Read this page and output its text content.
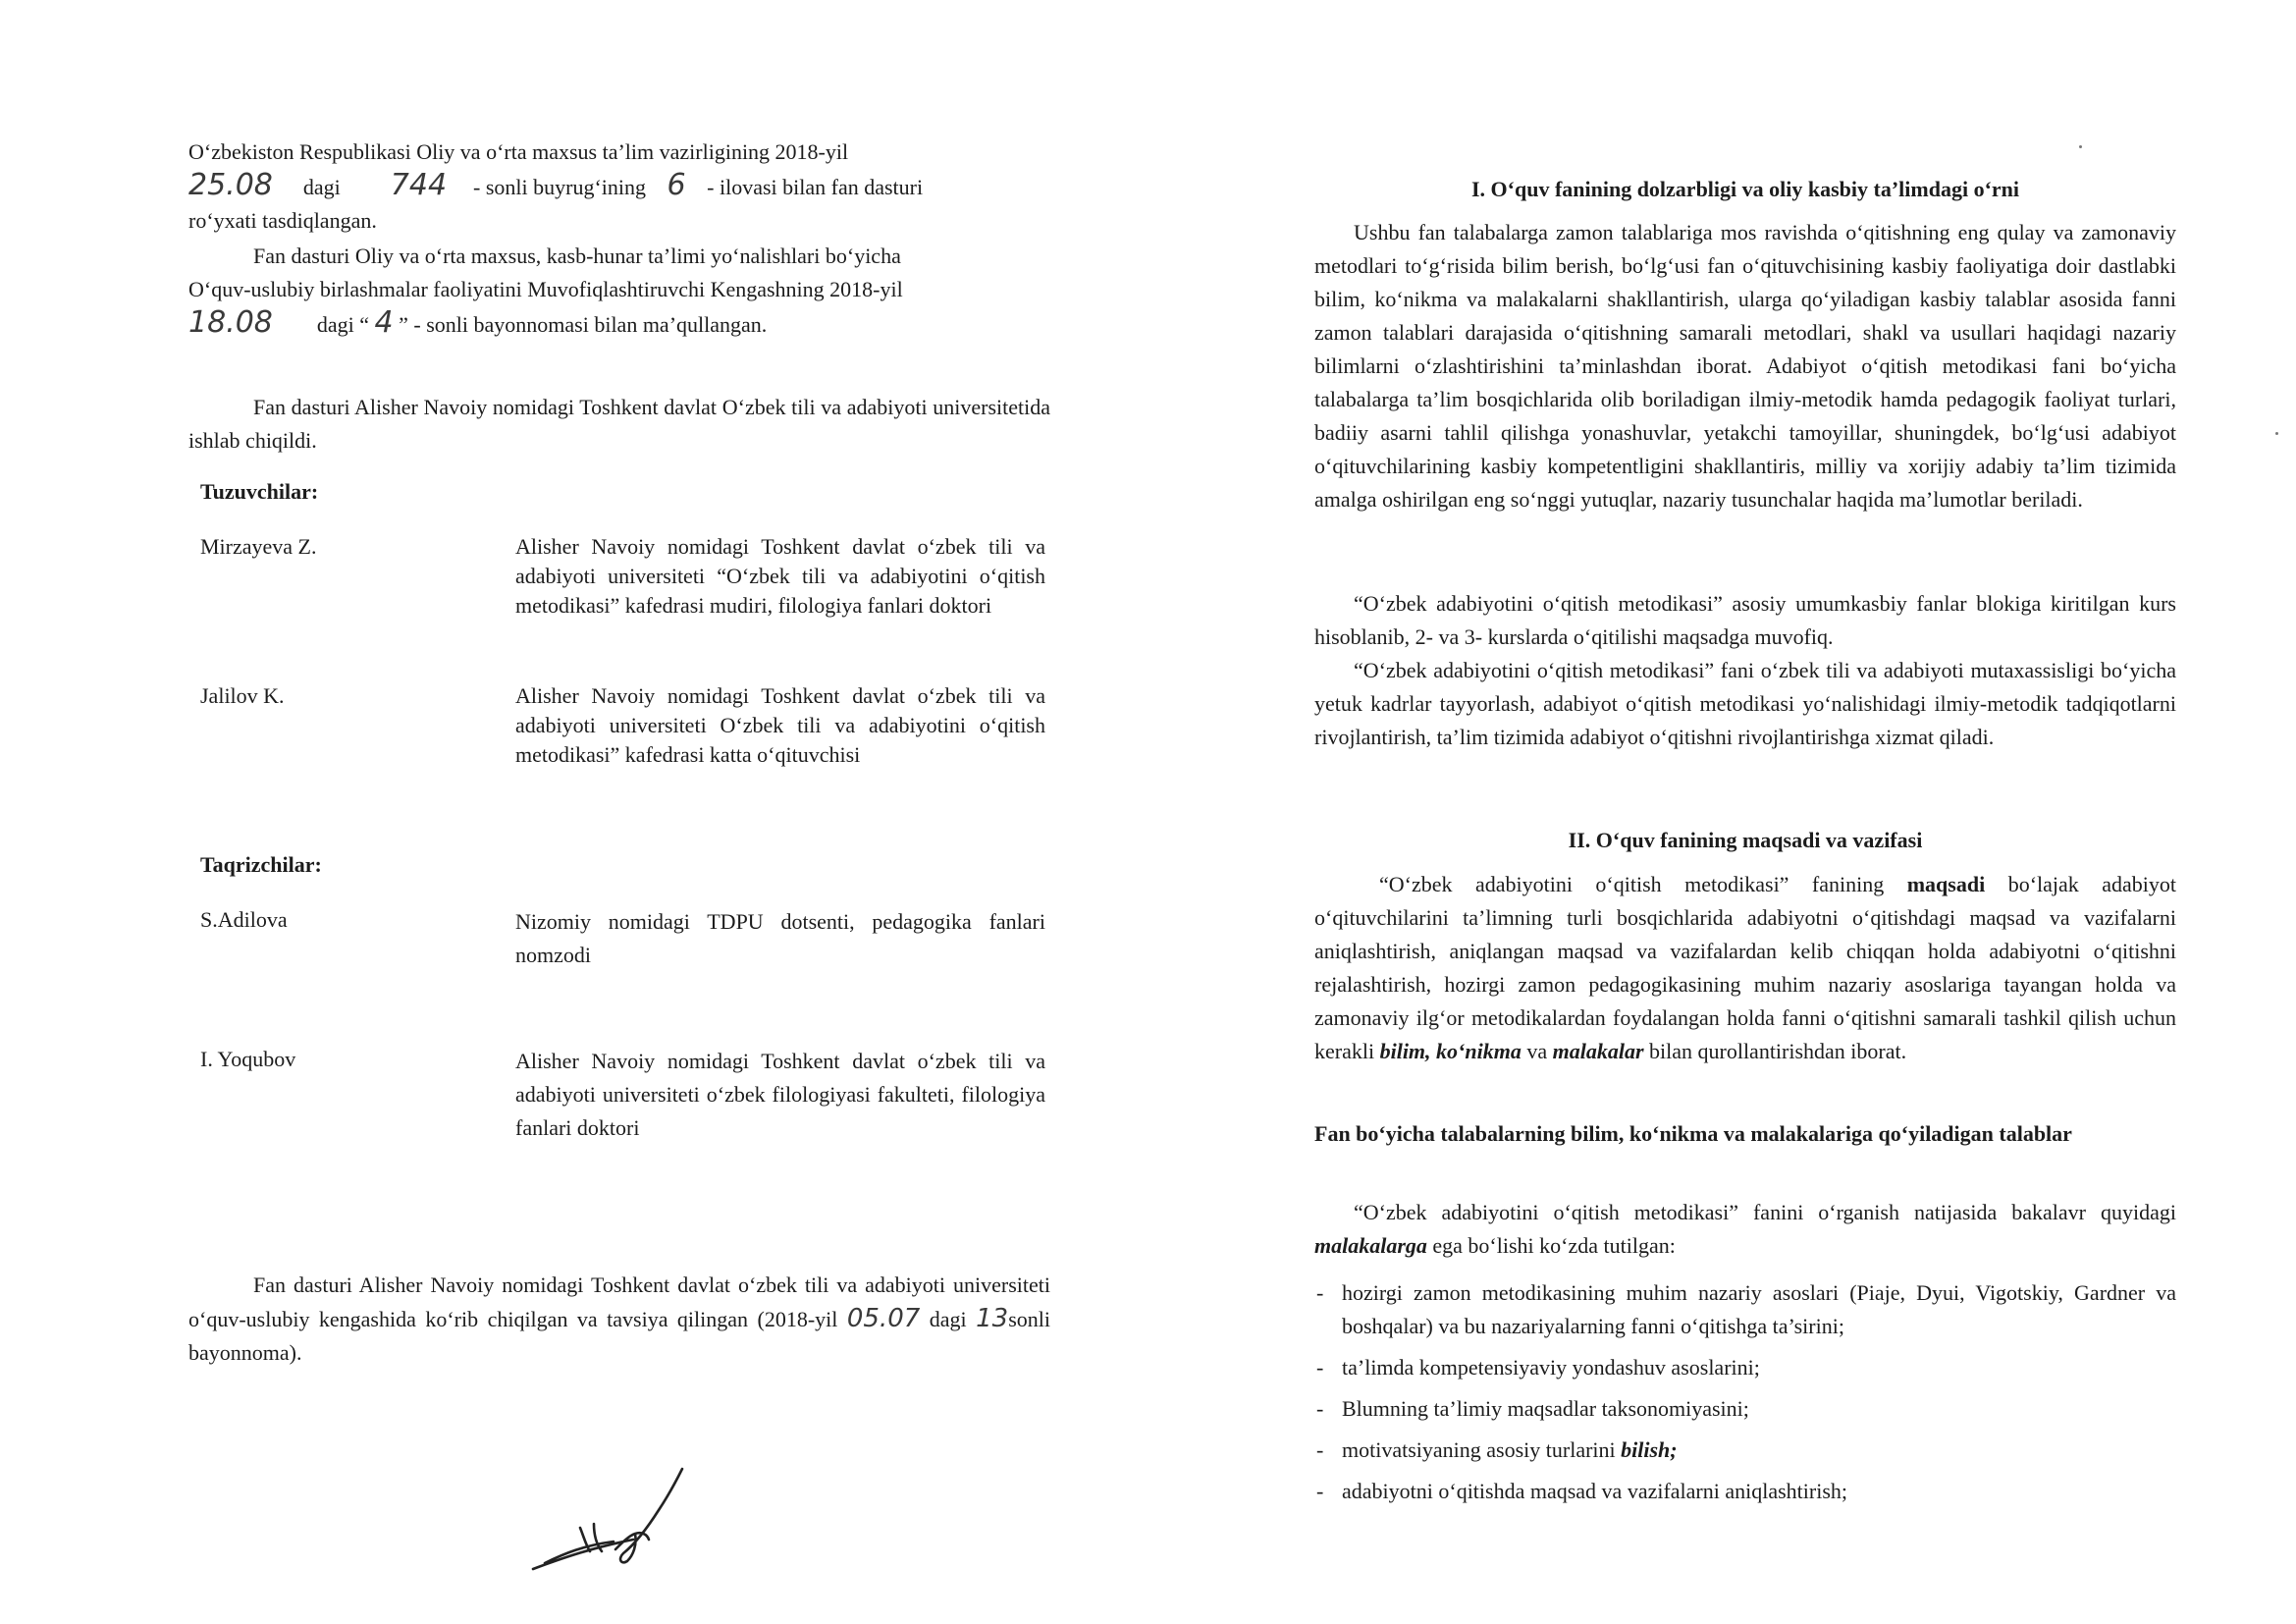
O‘zbekiston Respublikasi Oliy va o‘rta maxsus ta’lim vazirligining 2018-yil
25.08 dagi 744 - sonli buyrug‘ining 6 - ilovasi bilan fan dasturi
ro‘yxati tasdiqlangan.

Fan dasturi Oliy va o‘rta maxsus, kasb-hunar ta’limi yo‘nalishlari bo‘yicha
O‘quv-uslubiy birlashmalar faoliyatini Muvofiqlashtiruvchi Kengashning 2018-yil
18.08 dagi “ 4 ” - sonli bayonnomasi bilan ma’qullangan.

Fan dasturi Alisher Navoiy nomidagi Toshkent davlat O‘zbek tili va adabiyoti universitetida ishlab chiqildi.

Tuzuvchilar:
Mirzayeva Z.	Alisher Navoiy nomidagi Toshkent davlat o‘zbek tili va adabiyoti universiteti “O‘zbek tili va adabiyotini o‘qitish metodikasi” kafedrasi mudiri, filologiya fanlari doktori
Jalilov K.	Alisher Navoiy nomidagi Toshkent davlat o‘zbek tili va adabiyoti universiteti O‘zbek tili va adabiyotini o‘qitish metodikasi” kafedrasi katta o‘qituvchisi
Taqrizchilar:
S.Adilova	Nizomiy nomidagi TDPU dotsenti, pedagogika fanlari nomzodi
I. Yoqubov	Alisher Navoiy nomidagi Toshkent davlat o‘zbek tili va adabiyoti universiteti o‘zbek filologiyasi fakulteti, filologiya fanlari doktori

Fan dasturi Alisher Navoiy nomidagi Toshkent davlat o‘zbek tili va adabiyoti universiteti o‘quv-uslubiy kengashida ko‘rib chiqilgan va tavsiya qilingan (2018-yil 05.07 dagi 13sonli bayonnoma).

I. O‘quv fanining dolzarbligi va oliy kasbiy ta’limdagi o‘rni

Ushbu fan talabalarga zamon talablariga mos ravishda o‘qitishning eng qulay va zamonaviy metodlari to‘g‘risida bilim berish, bo‘lg‘usi fan o‘qituvchisining kasbiy faoliyatiga doir dastlabki bilim, ko‘nikma va malakalarni shakllantirish, ularga qo‘yiladigan kasbiy talablar asosida fanni zamon talablari darajasida o‘qitishning samarali metodlari, shakl va usullari haqidagi nazariy bilimlarni o‘zlashtirishini ta’minlashdan iborat. Adabiyot o‘qitish metodikasi fani bo‘yicha talabalarga ta’lim bosqichlarida olib boriladigan ilmiy-metodik hamda pedagogik faoliyat turlari, badiiy asarni tahlil qilishga yonashuvlar, yetakchi tamoyillar, shuningdek, bo‘lg‘usi adabiyot o‘qituvchilarining kasbiy kompetentligini shakllantiris, milliy va xorijiy adabiy ta’lim tizimida amalga oshirilgan eng so‘nggi yutuqlar, nazariy tusunchalar haqida ma’lumotlar beriladi.

“O‘zbek adabiyotini o‘qitish metodikasi” asosiy umumkasbiy fanlar blokiga kiritilgan kurs hisoblanib, 2- va 3- kurslarda o‘qitilishi maqsadga muvofiq.

“O‘zbek adabiyotini o‘qitish metodikasi” fani o‘zbek tili va adabiyoti mutaxassisligi bo‘yicha yetuk kadrlar tayyorlash, adabiyot o‘qitish metodikasi yo‘nalishidagi ilmiy-metodik tadqiqotlarni rivojlantirish, ta’lim tizimida adabiyot o‘qitishni rivojlantirishga xizmat qiladi.

II. O‘quv fanining maqsadi va vazifasi

“O‘zbek adabiyotini o‘qitish metodikasi” fanining maqsadi bo‘lajak adabiyot o‘qituvchilarini ta’limning turli bosqichlarida adabiyotni o‘qitishdagi maqsad va vazifalarni aniqlashtirish, aniqlangan maqsad va vazifalardan kelib chiqqan holda adabiyotni o‘qitishni rejalashtirish, hozirgi zamon pedagogikasining muhim nazariy asoslariga tayangan holda va zamonaviy ilg‘or metodikalardan foydalangan holda fanni o‘qitishni samarali tashkil qilish uchun kerakli bilim, ko‘nikma va malakalar bilan qurollantirishdan iborat.

Fan bo‘yicha talabalarning bilim, ko‘nikma va malakalariga qo‘yiladigan talablar

“O‘zbek adabiyotini o‘qitish metodikasi” fanini o‘rganish natijasida bakalavr quyidagi malakalarga ega bo‘lishi ko‘zda tutilgan:

- hozirgi zamon metodikasining muhim nazariy asoslari (Piaje, Dyui, Vigotskiy, Gardner va boshqalar) va bu nazariyalarning fanni o‘qitishga ta’sirini;
- ta’limda kompetensiyaviy yondashuv asoslarini;
- Blumning ta’limiy maqsadlar taksonomiyasini;
- motivatsiyaning asosiy turlarini bilish;
- adabiyotni o‘qitishda maqsad va vazifalarni aniqlashtirish;
